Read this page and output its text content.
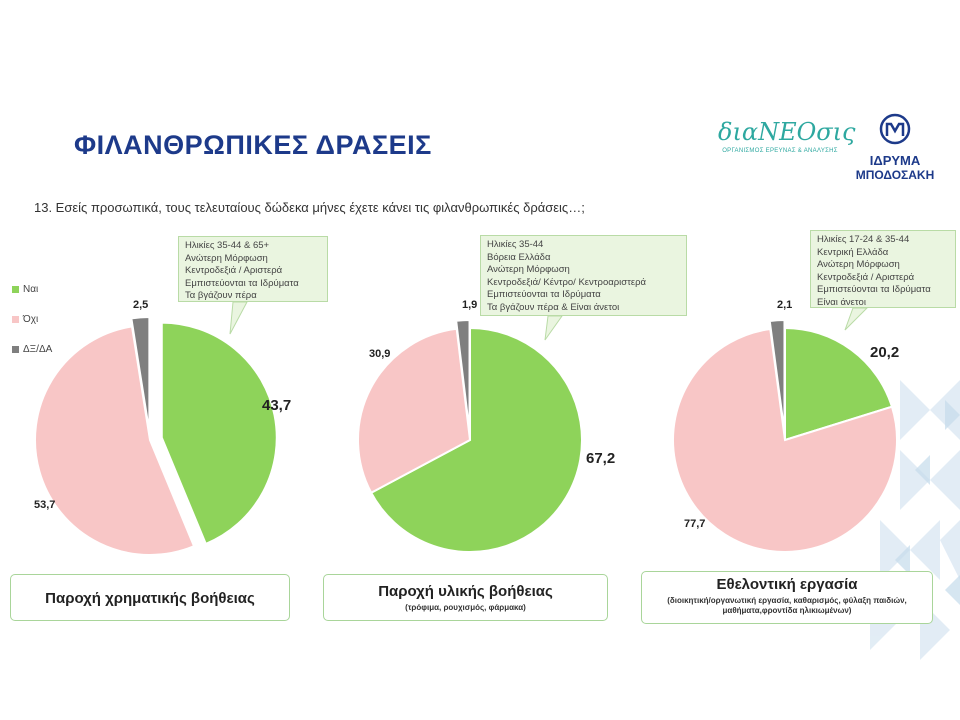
ΦΙΛΑΝΘΡΩΠΙΚΕΣ ΔΡΑΣΕΙΣ
13. Εσείς προσωπικά, τους τελευταίους δώδεκα μήνες έχετε κάνει τις φιλανθρωπικές δράσεις…;
διαNEOσις
ΟΡΓΑΝΙΣΜΟΣ ΕΡΕΥΝΑΣ & ΑΝΑΛΥΣΗΣ
ΙΔΡΥΜΑ
ΜΠΟΔΟΣΑΚΗ
Ναι
Όχι
ΔΞ/ΔΑ
Ηλικίες 35-44 & 65+
Ανώτερη Μόρφωση
Κεντροδεξιά / Αριστερά
Εμπιστεύονται τα Ιδρύματα
Τα βγάζουν πέρα
Ηλικίες 35-44
Βόρεια Ελλάδα
Ανώτερη Μόρφωση
Κεντροδεξιά/ Κέντρο/ Κεντροαριστερά
Εμπιστεύονται τα Ιδρύματα
Τα βγάζουν πέρα & Είναι άνετοι
Ηλικίες 17-24 & 35-44
Κεντρική Ελλάδα
Ανώτερη Μόρφωση
Κεντροδεξιά / Αριστερά
Εμπιστεύονται τα Ιδρύματα
Είναι άνετοι
43,7
53,7
2,5
67,2
30,9
1,9
20,2
77,7
2,1
Παροχή χρηματικής βοήθειας	Παροχή υλικής βοήθειας
(τρόφιμα, ρουχισμός, φάρμακα)
Εθελοντική εργασία
(διοικητική/οργανωτική εργασία, καθαρισμός, φύλαξη παιδιών, μαθήματα,φροντίδα ηλικιωμένων)
